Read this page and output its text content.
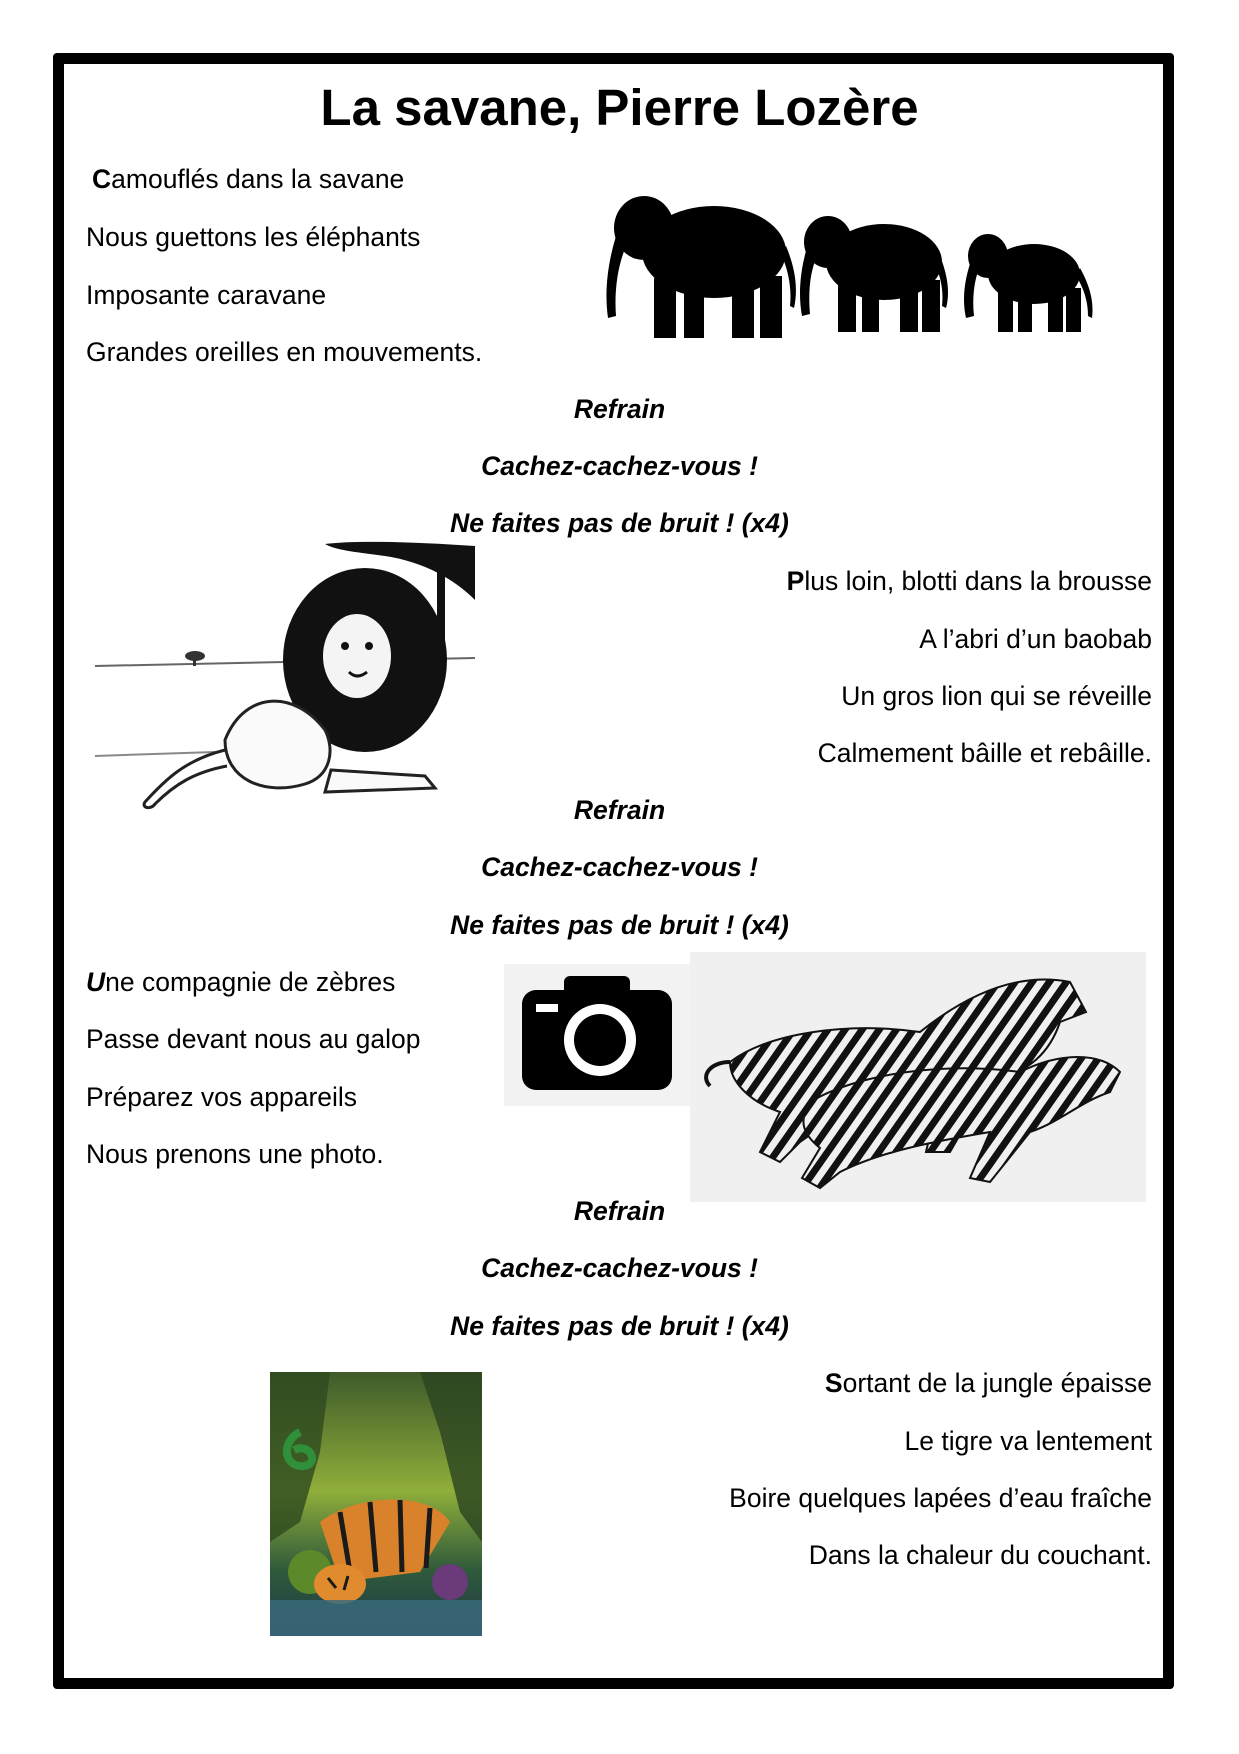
La savane, Pierre Lozère

Camouflés dans la savane

Nous guettons les éléphants

Imposante caravane

Grandes oreilles en mouvements.

Refrain

Cachez-cachez-vous !

Ne faites pas de bruit ! (x4)

Plus loin, blotti dans la brousse

A l’abri d’un baobab

Un gros lion qui se réveille

Calmement bâille et rebâille.

Refrain

Cachez-cachez-vous !

Ne faites pas de bruit ! (x4)

Une compagnie de zèbres

Passe devant nous au galop

Préparez vos appareils

Nous prenons une photo.

Refrain

Cachez-cachez-vous !

Ne faites pas de bruit ! (x4)

Sortant de la jungle épaisse

Le tigre va lentement

Boire quelques lapées d’eau fraîche

Dans la chaleur du couchant.
